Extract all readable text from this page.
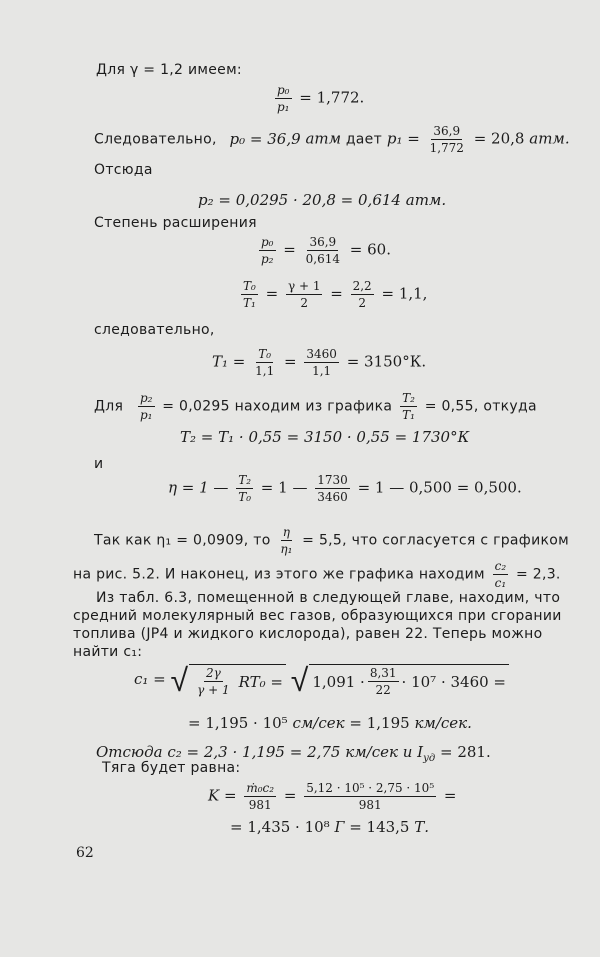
Для γ = 1,2 имеем:
$\frac{\text{p₀}}{\text{p₁}} = 1,772$.
Следовательно, p₀ = 36,9 атм дает $p_1 = \frac{36,9}{1,772} = 20,8$ атм.
Отсюда
p₂ = 0,0295 · 20,8 = 0,614 атм.
Степень расширения
$\frac{\text{p₀}}{\text{p₂}} = \frac{36,9}{0,614} = 60$.
$\frac{\text{T₀}}{\text{T₁}} = \frac{\gamma + 1}{2} = \frac{2,2}{2} = 1,1$,
следовательно,
$T_1 = \frac{\text{T₀}}{1,1} = \frac{3460}{1,1} = 3150^\circ К$.
Для $\frac{\text{p₂}}{\text{p₁}} = 0,0295$ находим из графика $\frac{\text{T₂}}{\text{T₁}} = 0,55$, откуда
T₂ = T₁ · 0,55 = 3150 · 0,55 = 1730°К
и
η = 1 — $\frac{\text{T₂}}{\text{T₀}} = 1$ — $\frac{1730}{3460} = 1$ — 0,500 = 0,500.
Так как η₁ = 0,0909, то $\frac{\eta}{\text{η₁}} = 5,5$, что согласуется с графиком
на рис. 5.2. И наконец, из этого же графика находим $\frac{\text{c₂}}{\text{c₁}} = 2,3$.
Из табл. 6.3, помещенной в следующей главе, находим, что
средний молекулярный вес газов, образующихся при сгорании
топлива (JP4 и жидкого кислорода), равен 22. Теперь можно
найти c₁:
c₁ = √ $\frac{2\gamma}{\gamma + 1} RT_0$ =
√ $1,091 \cdot \frac{8,31}{22} \cdot 10^7 \cdot 3460$ =
= 1,195 · 10⁵ см/сек = 1,195 км/сек.
Отсюда c₂ = 2,3 · 1,195 = 2,75 км/сек и $I_{уд} = 281$.
Тяга будет равна:
$K = \frac{\text{ṁ₀c₂}}{981} = \frac{\text{5,12 · 10⁵ · 2,75 · 10⁵}}{981}$ =
= 1,435 · 10⁸ Г = 143,5 Т.
62
